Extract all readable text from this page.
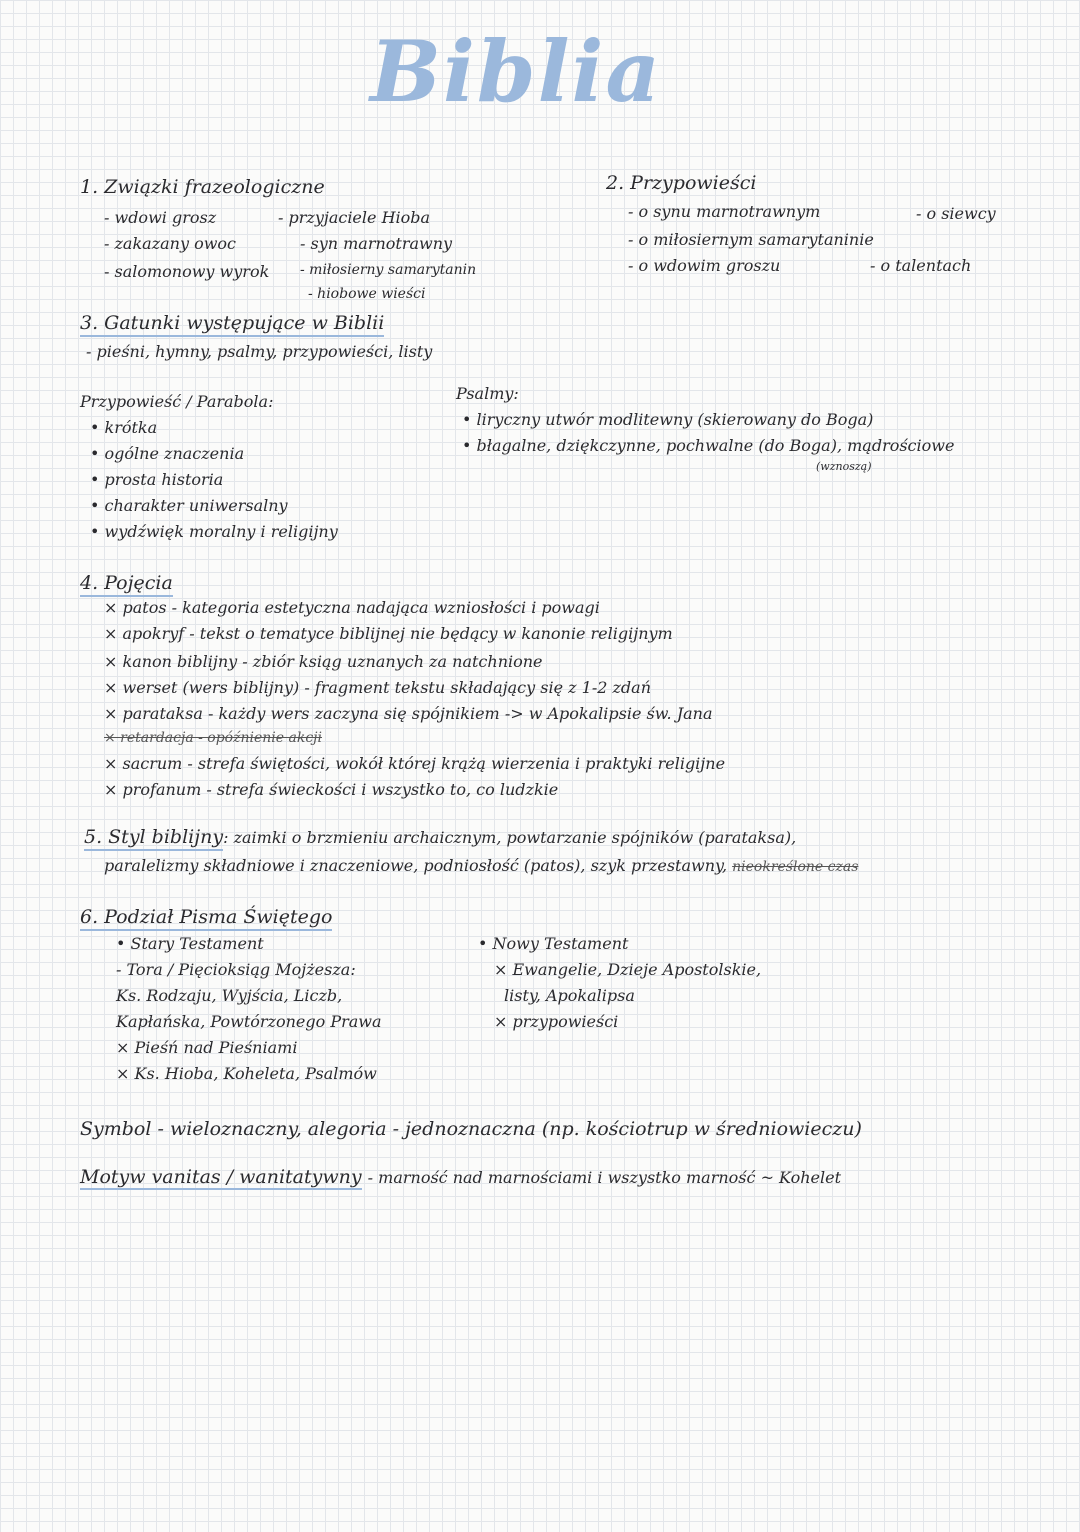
Biblia
1. Związki frazeologiczne
- wdowi grosz
- zakazany owoc
- salomonowy wyrok
- przyjaciele Hioba
- syn marnotrawny
- miłosierny samarytanin
- hiobowe wieści
2. Przypowieści
- o synu marnotrawnym	- o siewcy
- o miłosiernym samarytaninie
- o wdowim groszu	- o talentach
3. Gatunki występujące w Biblii
- pieśni, hymny, psalmy, przypowieści, listy
Przypowieść / Parabola:
• krótka
• ogólne znaczenia
• prosta historia
• charakter uniwersalny
• wydźwięk moralny i religijny
Psalmy:
• liryczny utwór modlitewny (skierowany do Boga)
• błagalne, dziękczynne, pochwalne (do Boga), mądrościowe
(wznoszą)
4. Pojęcia
× patos - kategoria estetyczna nadająca wzniosłości i powagi
× apokryf - tekst o tematyce biblijnej nie będący w kanonie religijnym
× kanon biblijny - zbiór ksiąg uznanych za natchnione
× werset (wers biblijny) - fragment tekstu składający się z 1-2 zdań
× parataksa - każdy wers zaczyna się spójnikiem -> w Apokalipsie św. Jana
× retardacja - opóźnienie akcji
× sacrum - strefa świętości, wokół której krążą wierzenia i praktyki religijne
× profanum - strefa świeckości i wszystko to, co ludzkie
5. Styl biblijny: zaimki o brzmieniu archaicznym, powtarzanie spójników (parataksa),
paralelizmy składniowe i znaczeniowe, podniosłość (patos), szyk przestawny, nieokreślone czas
6. Podział Pisma Świętego
• Stary Testament
- Tora / Pięcioksiąg Mojżesza:
Ks. Rodzaju, Wyjścia, Liczb,
Kapłańska, Powtórzonego Prawa
× Pieśń nad Pieśniami
× Ks. Hioba, Koheleta, Psalmów
• Nowy Testament
× Ewangelie, Dzieje Apostolskie,
listy, Apokalipsa
× przypowieści
Symbol - wieloznaczny, alegoria - jednoznaczna (np. kościotrup w średniowieczu)
Motyw vanitas / wanitatywny - marność nad marnościami i wszystko marność ~ Kohelet
